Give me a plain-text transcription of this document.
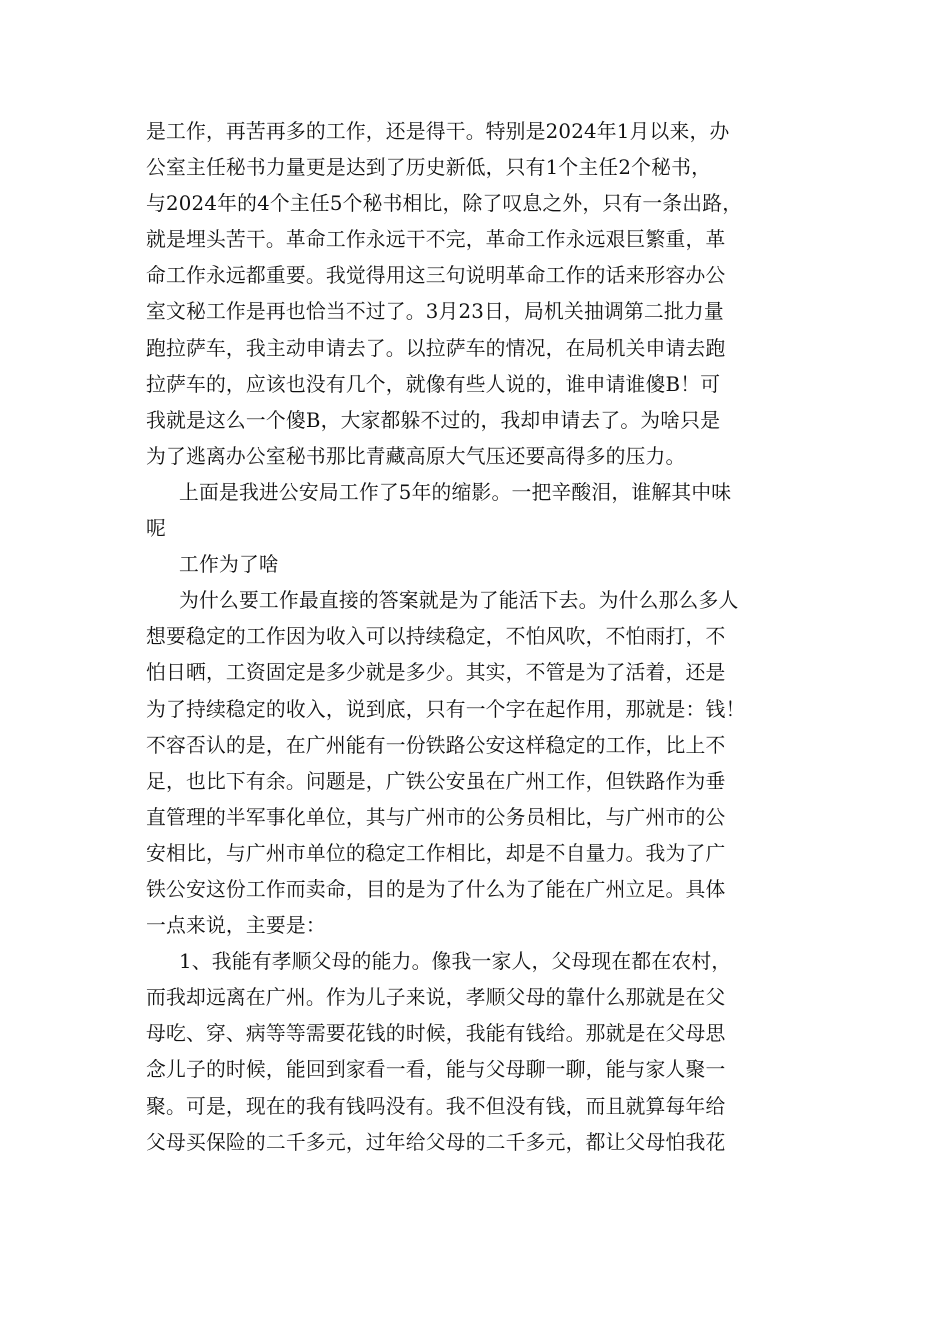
是工作，再苦再多的工作，还是得干。特别是2024年1月以来，办
公室主任秘书力量更是达到了历史新低，只有1个主任2个秘书，
与2024年的4个主任5个秘书相比，除了叹息之外，只有一条出路，
就是埋头苦干。革命工作永远干不完，革命工作永远艰巨繁重，革
命工作永远都重要。我觉得用这三句说明革命工作的话来形容办公
室文秘工作是再也恰当不过了。3月23日，局机关抽调第二批力量
跑拉萨车，我主动申请去了。以拉萨车的情况，在局机关申请去跑
拉萨车的，应该也没有几个，就像有些人说的，谁申请谁傻B！可
我就是这么一个傻B，大家都躲不过的，我却申请去了。为啥只是
为了逃离办公室秘书那比青藏高原大气压还要高得多的压力。
上面是我进公安局工作了5年的缩影。一把辛酸泪，谁解其中味
呢
工作为了啥
为什么要工作最直接的答案就是为了能活下去。为什么那么多人
想要稳定的工作因为收入可以持续稳定，不怕风吹，不怕雨打，不
怕日晒，工资固定是多少就是多少。其实，不管是为了活着，还是
为了持续稳定的收入，说到底，只有一个字在起作用，那就是：钱！
不容否认的是，在广州能有一份铁路公安这样稳定的工作，比上不
足，也比下有余。问题是，广铁公安虽在广州工作，但铁路作为垂
直管理的半军事化单位，其与广州市的公务员相比，与广州市的公
安相比，与广州市单位的稳定工作相比，却是不自量力。我为了广
铁公安这份工作而卖命，目的是为了什么为了能在广州立足。具体
一点来说，主要是：
1、我能有孝顺父母的能力。像我一家人，父母现在都在农村，
而我却远离在广州。作为儿子来说，孝顺父母的靠什么那就是在父
母吃、穿、病等等需要花钱的时候，我能有钱给。那就是在父母思
念儿子的时候，能回到家看一看，能与父母聊一聊，能与家人聚一
聚。可是，现在的我有钱吗没有。我不但没有钱，而且就算每年给
父母买保险的二千多元，过年给父母的二千多元，都让父母怕我花
